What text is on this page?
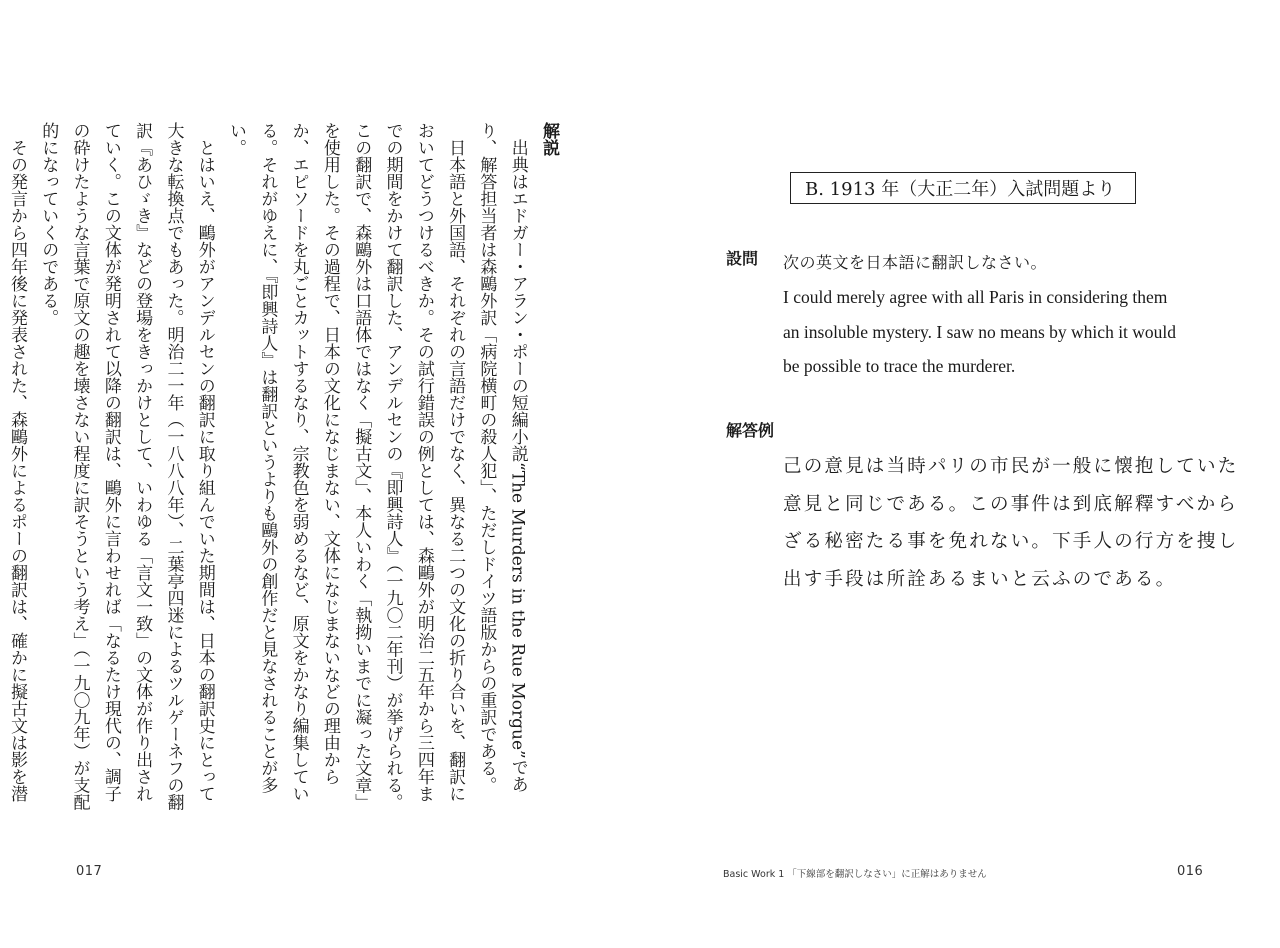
解説

出典はエドガー・アラン・ポーの短編小説“The Murders in the Rue Morgue”であり、解答担当者は森鷗外訳「病院横町の殺人犯」、ただしドイツ語版からの重訳である。

日本語と外国語、それぞれの言語だけでなく、異なる二つの文化の折り合いを、翻訳においてどうつけるべきか。その試行錯誤の例としては、森鷗外が明治二五年から三四年までの期間をかけて翻訳した、アンデルセンの『即興詩人』（一九〇二年刊）が挙げられる。この翻訳で、森鷗外は口語体ではなく「擬古文」、本人いわく「執拗いまでに凝った文章」を使用した。その過程で、日本の文化になじまない、文体になじまないなどの理由からか、エピソードを丸ごとカットするなり、宗教色を弱めるなど、原文をかなり編集している。それがゆえに、『即興詩人』は翻訳というよりも鷗外の創作だと見なされることが多い。

とはいえ、鷗外がアンデルセンの翻訳に取り組んでいた期間は、日本の翻訳史にとって大きな転換点でもあった。明治二一年（一八八八年）、二葉亭四迷によるツルゲーネフの翻訳『あひゞき』などの登場をきっかけとして、いわゆる「言文一致」の文体が作り出されていく。この文体が発明されて以降の翻訳は、鷗外に言わせれば「なるたけ現代の、調子の砕けたような言葉で原文の趣を壊さない程度に訳そうという考え」（一九〇九年）が支配的になっていくのである。

その発言から四年後に発表された、森鷗外によるポーの翻訳は、確かに擬古文は影を潜

017
B. 1913 年（大正二年）入試問題より
設問 次の英文を日本語に翻訳しなさい。
I could merely agree with all Paris in considering them
an insoluble mystery. I saw no means by which it would
be possible to trace the murderer.
解答例
己の意見は当時パリの市民が一般に懐抱していた
意見と同じである。この事件は到底解釋すべから
ざる秘密たる事を免れない。下手人の行方を捜し
出す手段は所詮あるまいと云ふのである。
Basic Work 1 「下線部を翻訳しなさい」に正解はありません	016
